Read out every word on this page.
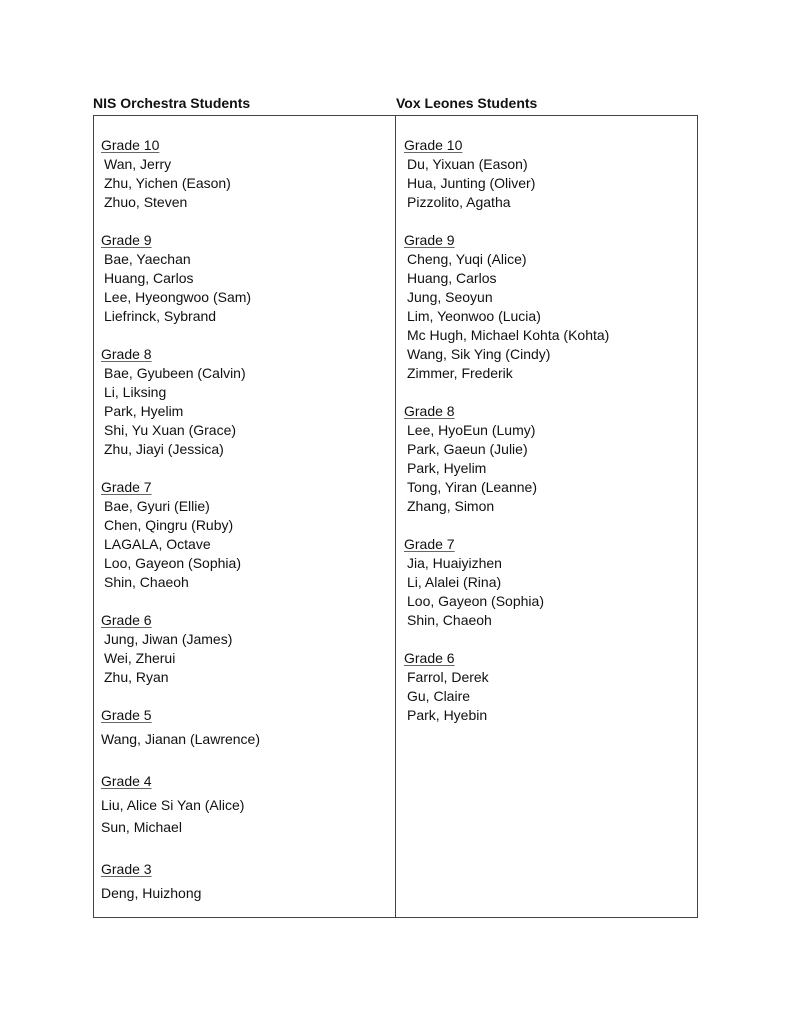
NIS Orchestra Students	Vox Leones Students
Grade 10
Wan, Jerry
Zhu, Yichen (Eason)
Zhuo, Steven
Grade 9
Bae, Yaechan
Huang, Carlos
Lee, Hyeongwoo (Sam)
Liefrinck, Sybrand
Grade 8
Bae, Gyubeen (Calvin)
Li, Liksing
Park, Hyelim
Shi, Yu Xuan (Grace)
Zhu, Jiayi (Jessica)
Grade 7
Bae, Gyuri (Ellie)
Chen, Qingru (Ruby)
LAGALA, Octave
Loo, Gayeon (Sophia)
Shin, Chaeoh
Grade 6
Jung, Jiwan (James)
Wei, Zherui
Zhu, Ryan
Grade 5
Wang, Jianan (Lawrence)
Grade 4
Liu, Alice Si Yan (Alice)
Sun, Michael
Grade 3
Deng, Huizhong
Grade 10
Du, Yixuan (Eason)
Hua, Junting (Oliver)
Pizzolito, Agatha
Grade 9
Cheng, Yuqi (Alice)
Huang, Carlos
Jung, Seoyun
Lim, Yeonwoo (Lucia)
Mc Hugh, Michael Kohta (Kohta)
Wang, Sik Ying (Cindy)
Zimmer, Frederik
Grade 8
Lee, HyoEun (Lumy)
Park, Gaeun (Julie)
Park, Hyelim
Tong, Yiran (Leanne)
Zhang, Simon
Grade 7
Jia, Huaiyizhen
Li, Alalei (Rina)
Loo, Gayeon (Sophia)
Shin, Chaeoh
Grade 6
Farrol, Derek
Gu, Claire
Park, Hyebin
